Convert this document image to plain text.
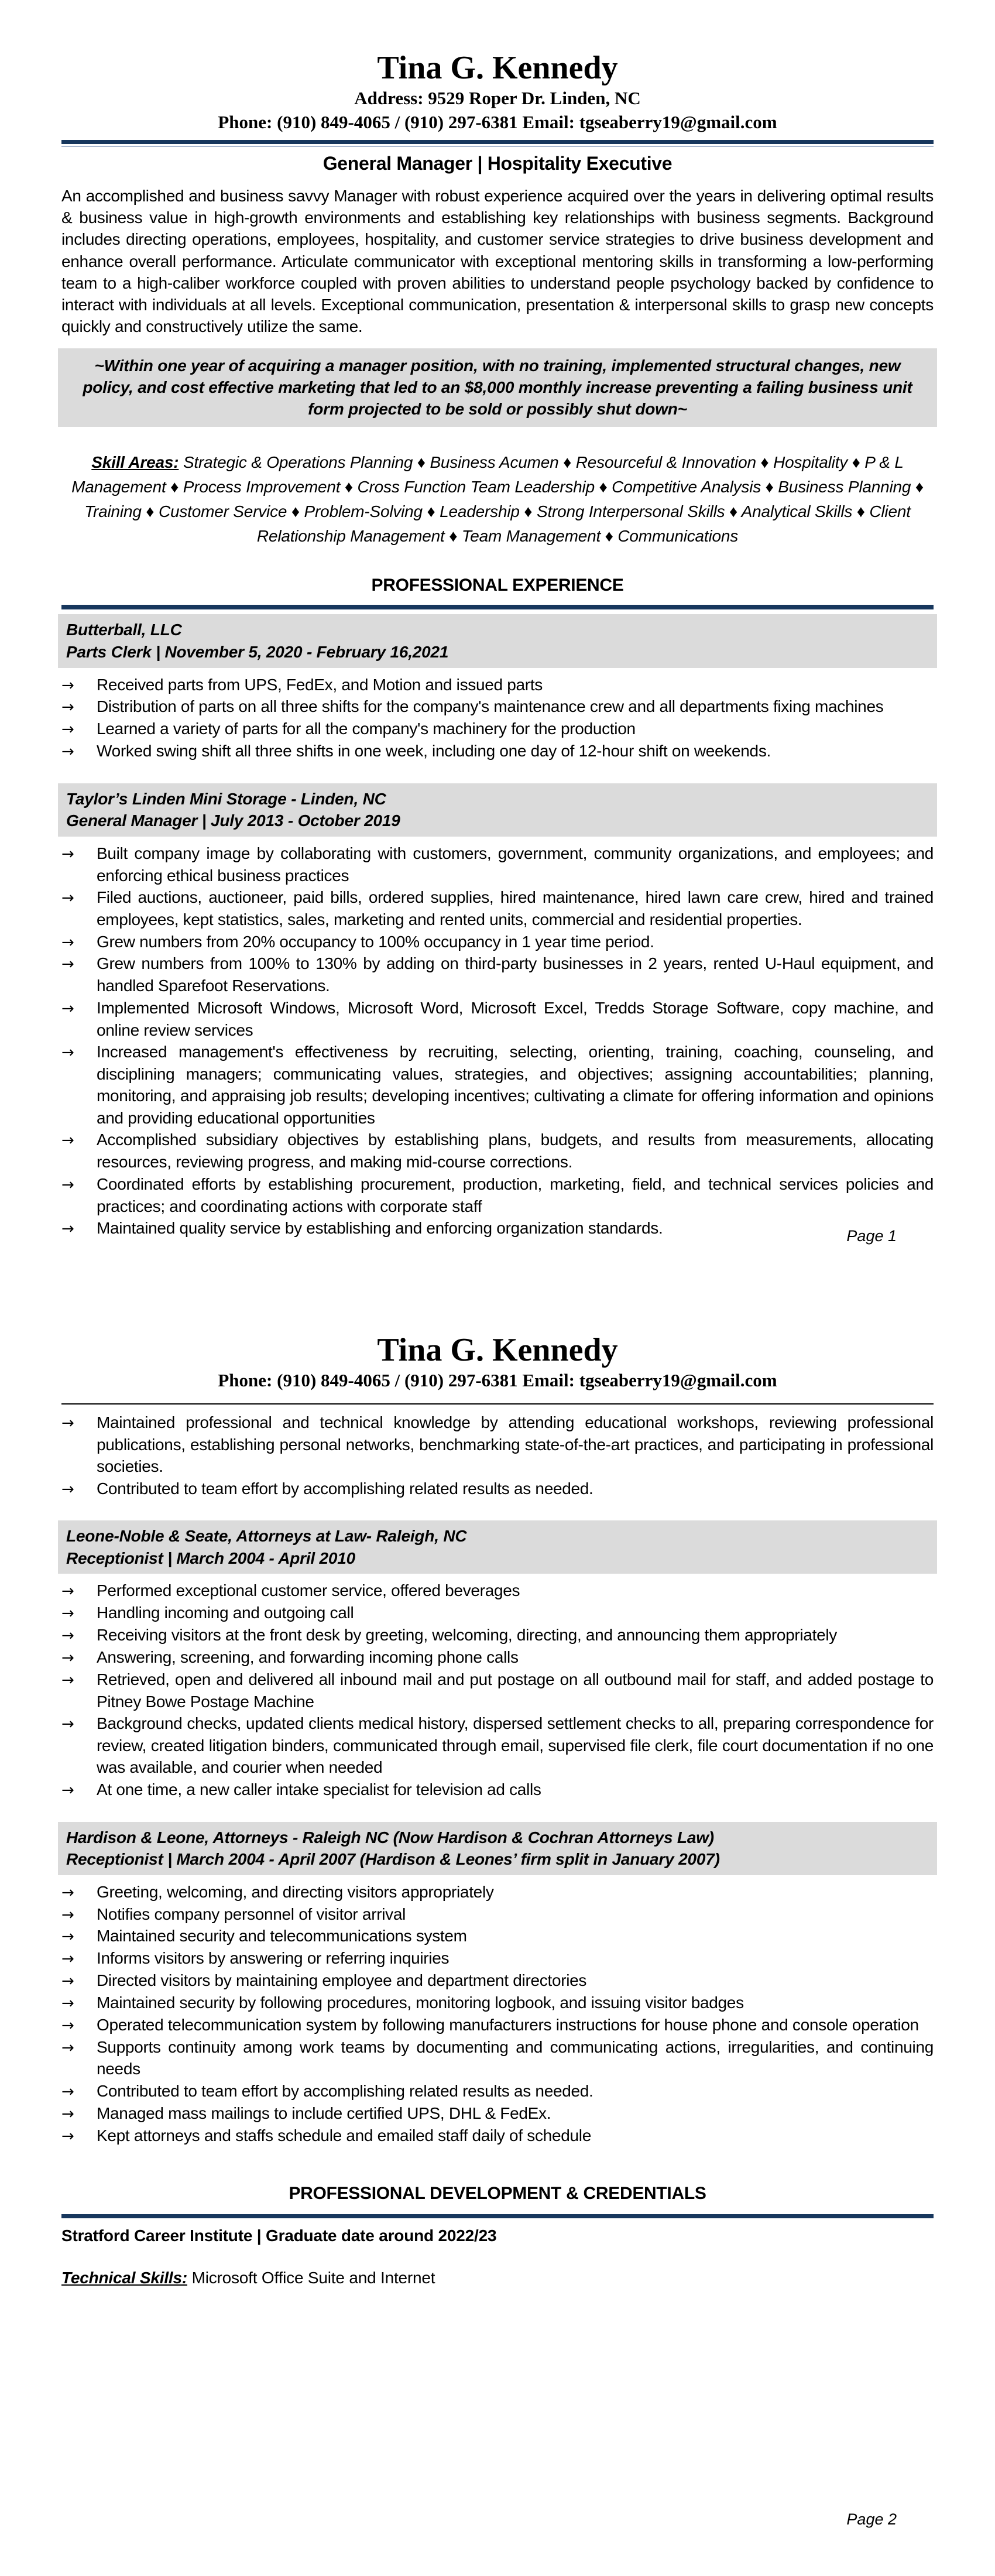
Tina G. Kennedy
Address: 9529 Roper Dr. Linden, NC
Phone: (910) 849-4065 / (910) 297-6381 Email: tgseaberry19@gmail.com
General Manager | Hospitality Executive

An accomplished and business savvy Manager with robust experience acquired over the years in delivering optimal results & business value in high-growth environments and establishing key relationships with business segments. Background includes directing operations, employees, hospitality, and customer service strategies to drive business development and enhance overall performance. Articulate communicator with exceptional mentoring skills in transforming a low-performing team to a high-caliber workforce coupled with proven abilities to understand people psychology backed by confidence to interact with individuals at all levels. Exceptional communication, presentation & interpersonal skills to grasp new concepts quickly and constructively utilize the same.

~Within one year of acquiring a manager position, with no training, implemented structural changes, new policy, and cost effective marketing that led to an $8,000 monthly increase preventing a failing business unit form projected to be sold or possibly shut down~
Skill Areas: Strategic & Operations Planning ♦ Business Acumen ♦ Resourceful & Innovation ♦ Hospitality ♦ P & L Management ♦ Process Improvement ♦ Cross Function Team Leadership ♦ Competitive Analysis ♦ Business Planning ♦ Training ♦ Customer Service ♦ Problem-Solving ♦ Leadership ♦ Strong Interpersonal Skills ♦ Analytical Skills ♦ Client Relationship Management ♦ Team Management ♦ Communications
PROFESSIONAL EXPERIENCE
Butterball, LLC
Parts Clerk | November 5, 2020 - February 16,2021
→ Received parts from UPS, FedEx, and Motion and issued parts
→ Distribution of parts on all three shifts for the company's maintenance crew and all departments fixing machines
→ Learned a variety of parts for all the company's machinery for the production
→ Worked swing shift all three shifts in one week, including one day of 12-hour shift on weekends.
Taylor’s Linden Mini Storage - Linden, NC
General Manager | July 2013 - October 2019
→ Built company image by collaborating with customers, government, community organizations, and employees; and enforcing ethical business practices
→ Filed auctions, auctioneer, paid bills, ordered supplies, hired maintenance, hired lawn care crew, hired and trained employees, kept statistics, sales, marketing and rented units, commercial and residential properties.
→ Grew numbers from 20% occupancy to 100% occupancy in 1 year time period.
→ Grew numbers from 100% to 130% by adding on third-party businesses in 2 years, rented U-Haul equipment, and handled Sparefoot Reservations.
→ Implemented Microsoft Windows, Microsoft Word, Microsoft Excel, Tredds Storage Software, copy machine, and online review services
→ Increased management's effectiveness by recruiting, selecting, orienting, training, coaching, counseling, and disciplining managers; communicating values, strategies, and objectives; assigning accountabilities; planning, monitoring, and appraising job results; developing incentives; cultivating a climate for offering information and opinions and providing educational opportunities
→ Accomplished subsidiary objectives by establishing plans, budgets, and results from measurements, allocating resources, reviewing progress, and making mid-course corrections.
→ Coordinated efforts by establishing procurement, production, marketing, field, and technical services policies and practices; and coordinating actions with corporate staff
→ Maintained quality service by establishing and enforcing organization standards.	Page 1
Tina G. Kennedy
Phone: (910) 849-4065 / (910) 297-6381 Email: tgseaberry19@gmail.com
→ Maintained professional and technical knowledge by attending educational workshops, reviewing professional publications, establishing personal networks, benchmarking state-of-the-art practices, and participating in professional societies.
→ Contributed to team effort by accomplishing related results as needed.
Leone-Noble & Seate, Attorneys at Law- Raleigh, NC
Receptionist | March 2004 - April 2010
→ Performed exceptional customer service, offered beverages
→ Handling incoming and outgoing call
→ Receiving visitors at the front desk by greeting, welcoming, directing, and announcing them appropriately
→ Answering, screening, and forwarding incoming phone calls
→ Retrieved, open and delivered all inbound mail and put postage on all outbound mail for staff, and added postage to Pitney Bowe Postage Machine
→ Background checks, updated clients medical history, dispersed settlement checks to all, preparing correspondence for review, created litigation binders, communicated through email, supervised file clerk, file court documentation if no one was available, and courier when needed
→ At one time, a new caller intake specialist for television ad calls
Hardison & Leone, Attorneys - Raleigh NC (Now Hardison & Cochran Attorneys Law)
Receptionist | March 2004 - April 2007 (Hardison & Leones’ firm split in January 2007)
→ Greeting, welcoming, and directing visitors appropriately
→ Notifies company personnel of visitor arrival
→ Maintained security and telecommunications system
→ Informs visitors by answering or referring inquiries
→ Directed visitors by maintaining employee and department directories
→ Maintained security by following procedures, monitoring logbook, and issuing visitor badges
→ Operated telecommunication system by following manufacturers instructions for house phone and console operation
→ Supports continuity among work teams by documenting and communicating actions, irregularities, and continuing needs
→ Contributed to team effort by accomplishing related results as needed.
→ Managed mass mailings to include certified UPS, DHL & FedEx.
→ Kept attorneys and staffs schedule and emailed staff daily of schedule
PROFESSIONAL DEVELOPMENT & CREDENTIALS
Stratford Career Institute | Graduate date around 2022/23
Technical Skills: Microsoft Office Suite and Internet
Page 2
